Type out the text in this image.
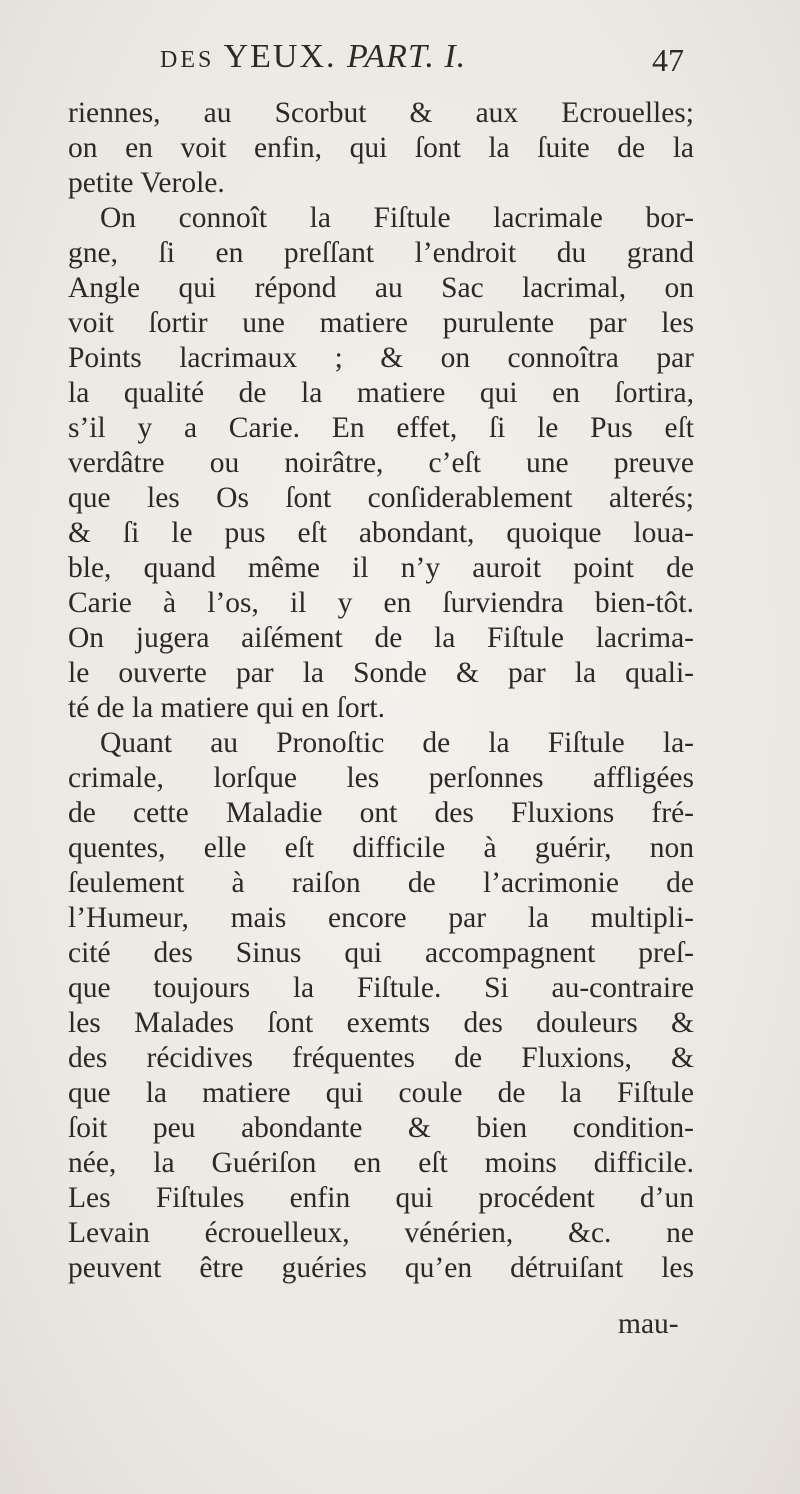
DES YEUX. PART. I.	47
riennes, au Scorbut & aux Ecrouelles;
on en voit enfin, qui ſont la ſuite de la
petite Verole.
On connoît la Fiſtule lacrimale bor-
gne, ſi en preſſant l’endroit du grand
Angle qui répond au Sac lacrimal, on
voit ſortir une matiere purulente par les
Points lacrimaux ; & on connoîtra par
la qualité de la matiere qui en ſortira,
s’il y a Carie. En effet, ſi le Pus eſt
verdâtre ou noirâtre, c’eſt une preuve
que les Os ſont conſiderablement alterés;
& ſi le pus eſt abondant, quoique loua-
ble, quand même il n’y auroit point de
Carie à l’os, il y en ſurviendra bien-tôt.
On jugera aiſément de la Fiſtule lacrima-
le ouverte par la Sonde & par la quali-
té de la matiere qui en ſort.
Quant au Pronoſtic de la Fiſtule la-
crimale, lorſque les perſonnes affligées
de cette Maladie ont des Fluxions fré-
quentes, elle eſt difficile à guérir, non
ſeulement à raiſon de l’acrimonie de
l’Humeur, mais encore par la multipli-
cité des Sinus qui accompagnent preſ-
que toujours la Fiſtule. Si au-contraire
les Malades ſont exemts des douleurs &
des récidives fréquentes de Fluxions, &
que la matiere qui coule de la Fiſtule
ſoit peu abondante & bien condition-
née, la Guériſon en eſt moins difficile.
Les Fiſtules enfin qui procédent d’un
Levain écrouelleux, vénérien, &c. ne
peuvent être guéries qu’en détruiſant les
mau-
